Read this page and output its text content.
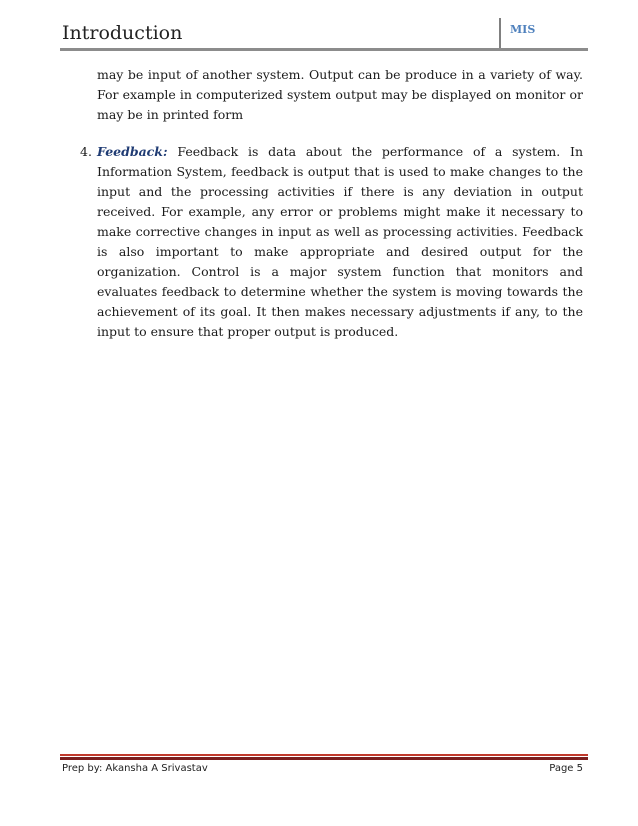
Introduction	MIS

may be input of another system. Output can be produce in a variety of way. For example in computerized system output may be displayed on monitor or may be in printed form

4. Feedback: Feedback is data about the performance of a system. In Information System, feedback is output that is used to make changes to the input and the processing activities if there is any deviation in output received. For example, any error or problems might make it necessary to make corrective changes in input as well as processing activities. Feedback is also important to make appropriate and desired output for the organization. Control is a major system function that monitors and evaluates feedback to determine whether the system is moving towards the achievement of its goal. It then makes necessary adjustments if any, to the input to ensure that proper output is produced.

Prep by: Akansha A Srivastav	Page 5
